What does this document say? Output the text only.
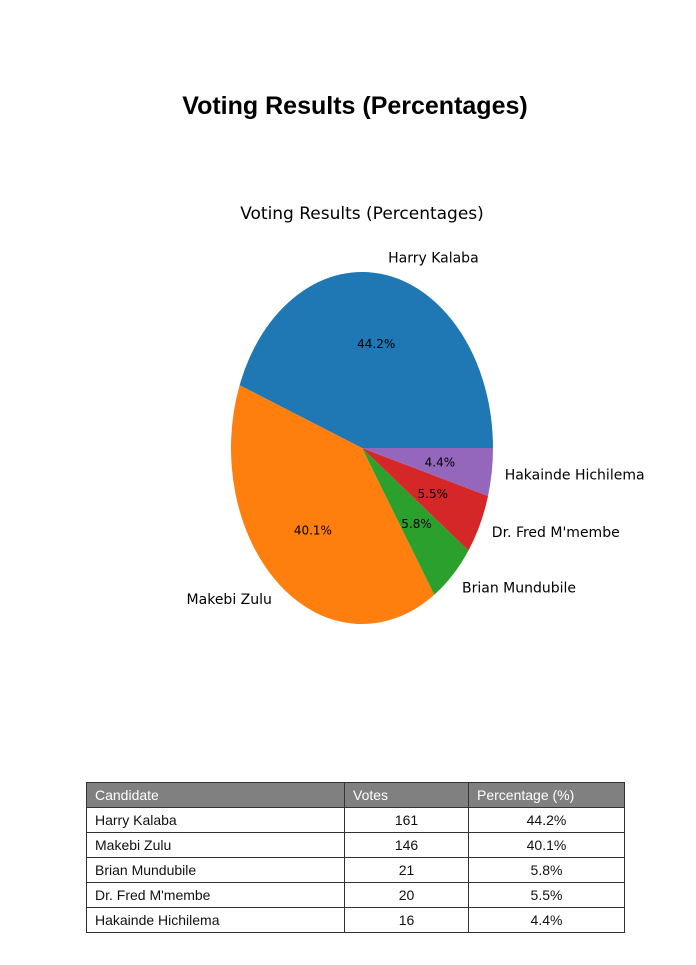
Voting Results (Percentages)
Voting Results (Percentages)
44.2%
Harry Kalaba
40.1%
Makebi Zulu
5.8%
Brian Mundubile
5.5%
Dr. Fred M'membe
4.4%
Hakainde Hichilema
Candidate	Votes	Percentage (%)
Harry Kalaba	161	44.2%
Makebi Zulu	146	40.1%
Brian Mundubile	21	5.8%
Dr. Fred M'membe	20	5.5%
Hakainde Hichilema	16	4.4%
